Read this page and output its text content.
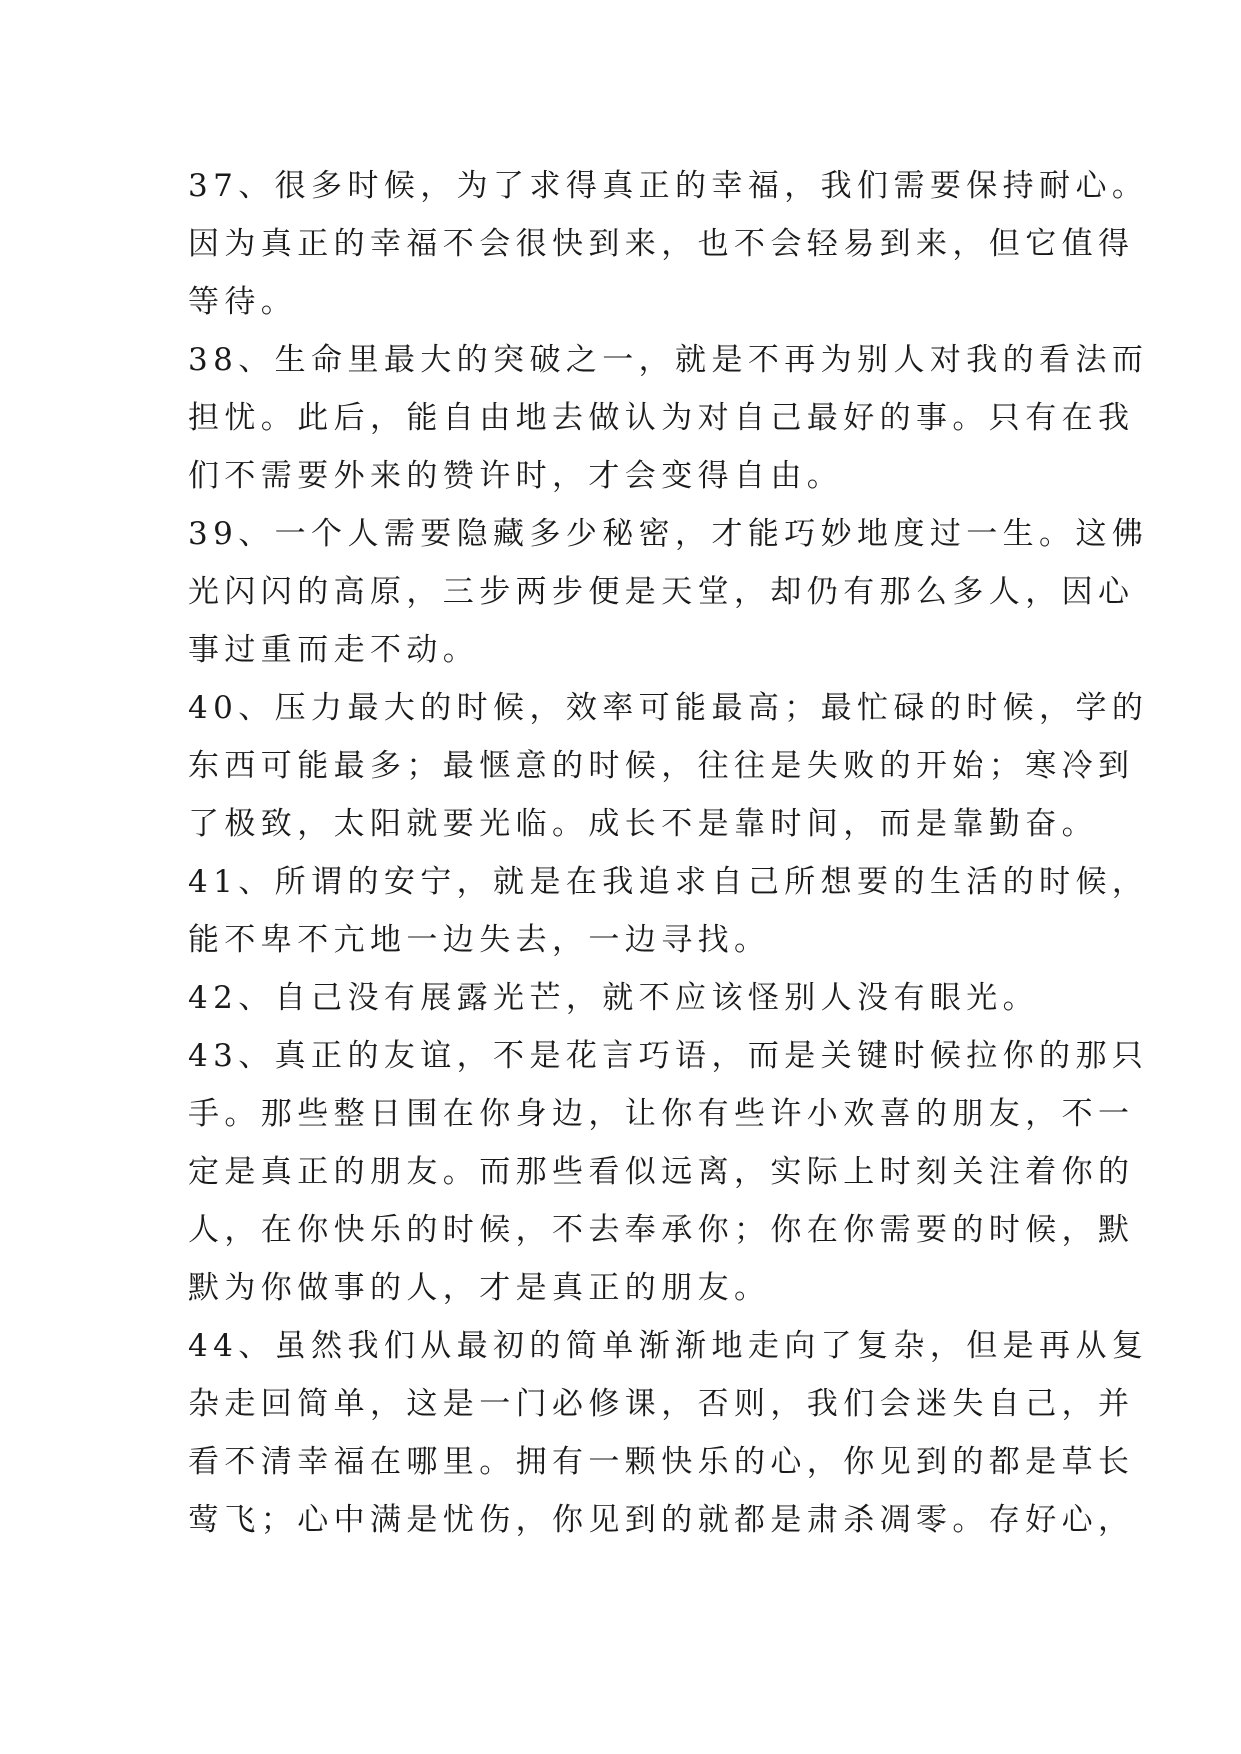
37、很多时候，为了求得真正的幸福，我们需要保持耐心。
因为真正的幸福不会很快到来，也不会轻易到来，但它值得
等待。
38、生命里最大的突破之一，就是不再为别人对我的看法而
担忧。此后，能自由地去做认为对自己最好的事。只有在我
们不需要外来的赞许时，才会变得自由。
39、一个人需要隐藏多少秘密，才能巧妙地度过一生。这佛
光闪闪的高原，三步两步便是天堂，却仍有那么多人，因心
事过重而走不动。
40、压力最大的时候，效率可能最高；最忙碌的时候，学的
东西可能最多；最惬意的时候，往往是失败的开始；寒冷到
了极致，太阳就要光临。成长不是靠时间，而是靠勤奋。
41、所谓的安宁，就是在我追求自己所想要的生活的时候，
能不卑不亢地一边失去，一边寻找。
42、自己没有展露光芒，就不应该怪别人没有眼光。
43、真正的友谊，不是花言巧语，而是关键时候拉你的那只
手。那些整日围在你身边，让你有些许小欢喜的朋友，不一
定是真正的朋友。而那些看似远离，实际上时刻关注着你的
人，在你快乐的时候，不去奉承你；你在你需要的时候，默
默为你做事的人，才是真正的朋友。
44、虽然我们从最初的简单渐渐地走向了复杂，但是再从复
杂走回简单，这是一门必修课，否则，我们会迷失自己，并
看不清幸福在哪里。拥有一颗快乐的心，你见到的都是草长
莺飞；心中满是忧伤，你见到的就都是肃杀凋零。存好心，
